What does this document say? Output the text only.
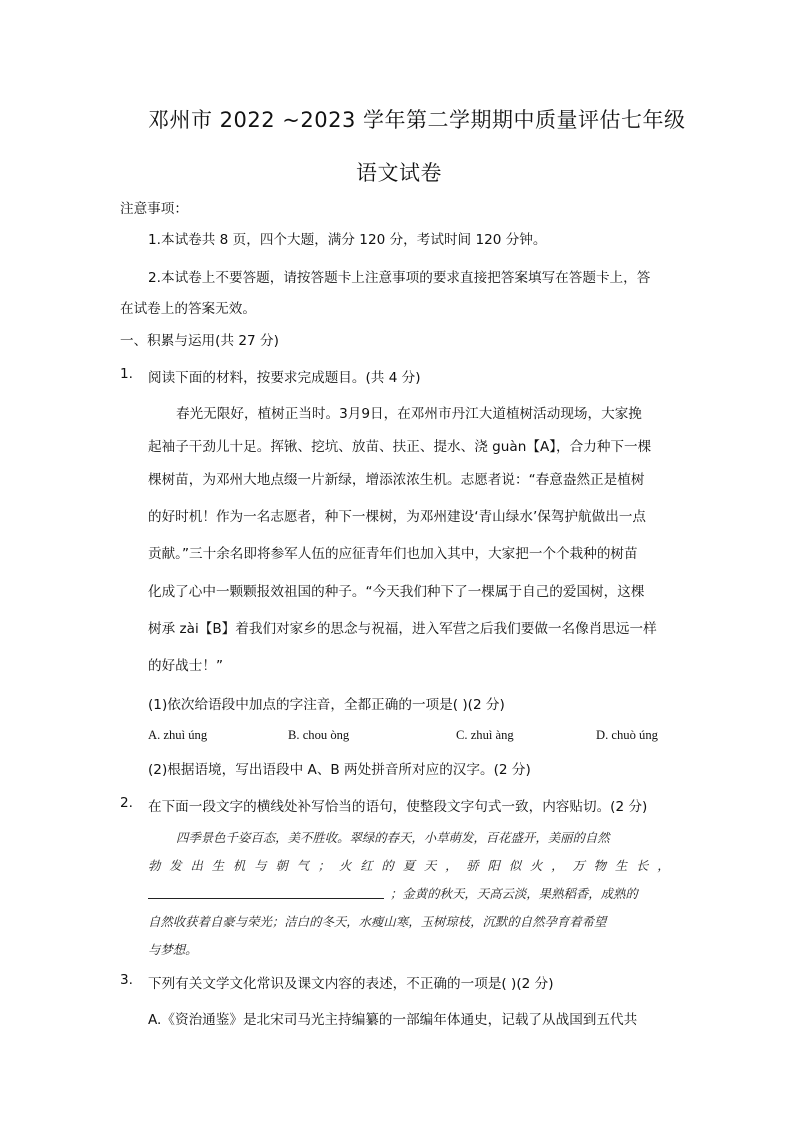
邓州市 2022 ~2023 学年第二学期期中质量评估七年级
语文试卷
注意事项：
1.本试卷共 8 页，四个大题，满分 120 分，考试时间 120 分钟。
2.本试卷上不要答题，请按答题卡上注意事项的要求直接把答案填写在答题卡上，答
在试卷上的答案无效。
一、积累与运用(共 27 分)
1. 阅读下面的材料，按要求完成题目。(共 4 分)
春光无限好，植树正当时。3月9日，在邓州市丹江大道植树活动现场，大家挽
起袖子干劲儿十足。挥锹、挖坑、放苗、扶正、提水、浇 guàn【A】，合力种下一棵
棵树苗，为邓州大地点缀一片新绿，增添浓浓生机。志愿者说：“春意盎然正是植树
的好时机！作为一名志愿者，种下一棵树，为邓州建设‘青山绿水’保驾护航做出一点
贡献。”三十余名即将参军人伍的应征青年们也加入其中，大家把一个个栽种的树苗
化成了心中一颗颗报效祖国的种子。“今天我们种下了一棵属于自己的爱国树，这棵
树承 zài【B】着我们对家乡的思念与祝福，进入军营之后我们要做一名像肖思远一样
的好战士！”
(1)依次给语段中加点的字注音，全都正确的一项是( )(2 分)
A. zhuì úng	B. chou òng	C. zhuì àng	D. chuò úng
(2)根据语境，写出语段中 A、B 两处拼音所对应的汉字。(2 分)
2. 在下面一段文字的横线处补写恰当的语句，使整段文字句式一致，内容贴切。(2 分)
四季景色千姿百态，美不胜收。翠绿的春天，小草萌发，百花盛开，美丽的自然
勃 发 出 生 机 与 朝 气 ； 火 红 的 夏 天 ， 骄 阳 似 火 ， 万 物 生 长 ，
；金黄的秋天，天高云淡，果熟稻香，成熟的
自然收获着自豪与荣光；洁白的冬天，水瘦山寒，玉树琼枝，沉默的自然孕育着希望
与梦想。
3. 下列有关文学文化常识及课文内容的表述，不正确的一项是( )(2 分)
A.《资治通鉴》是北宋司马光主持编纂的一部编年体通史，记载了从战国到五代共
